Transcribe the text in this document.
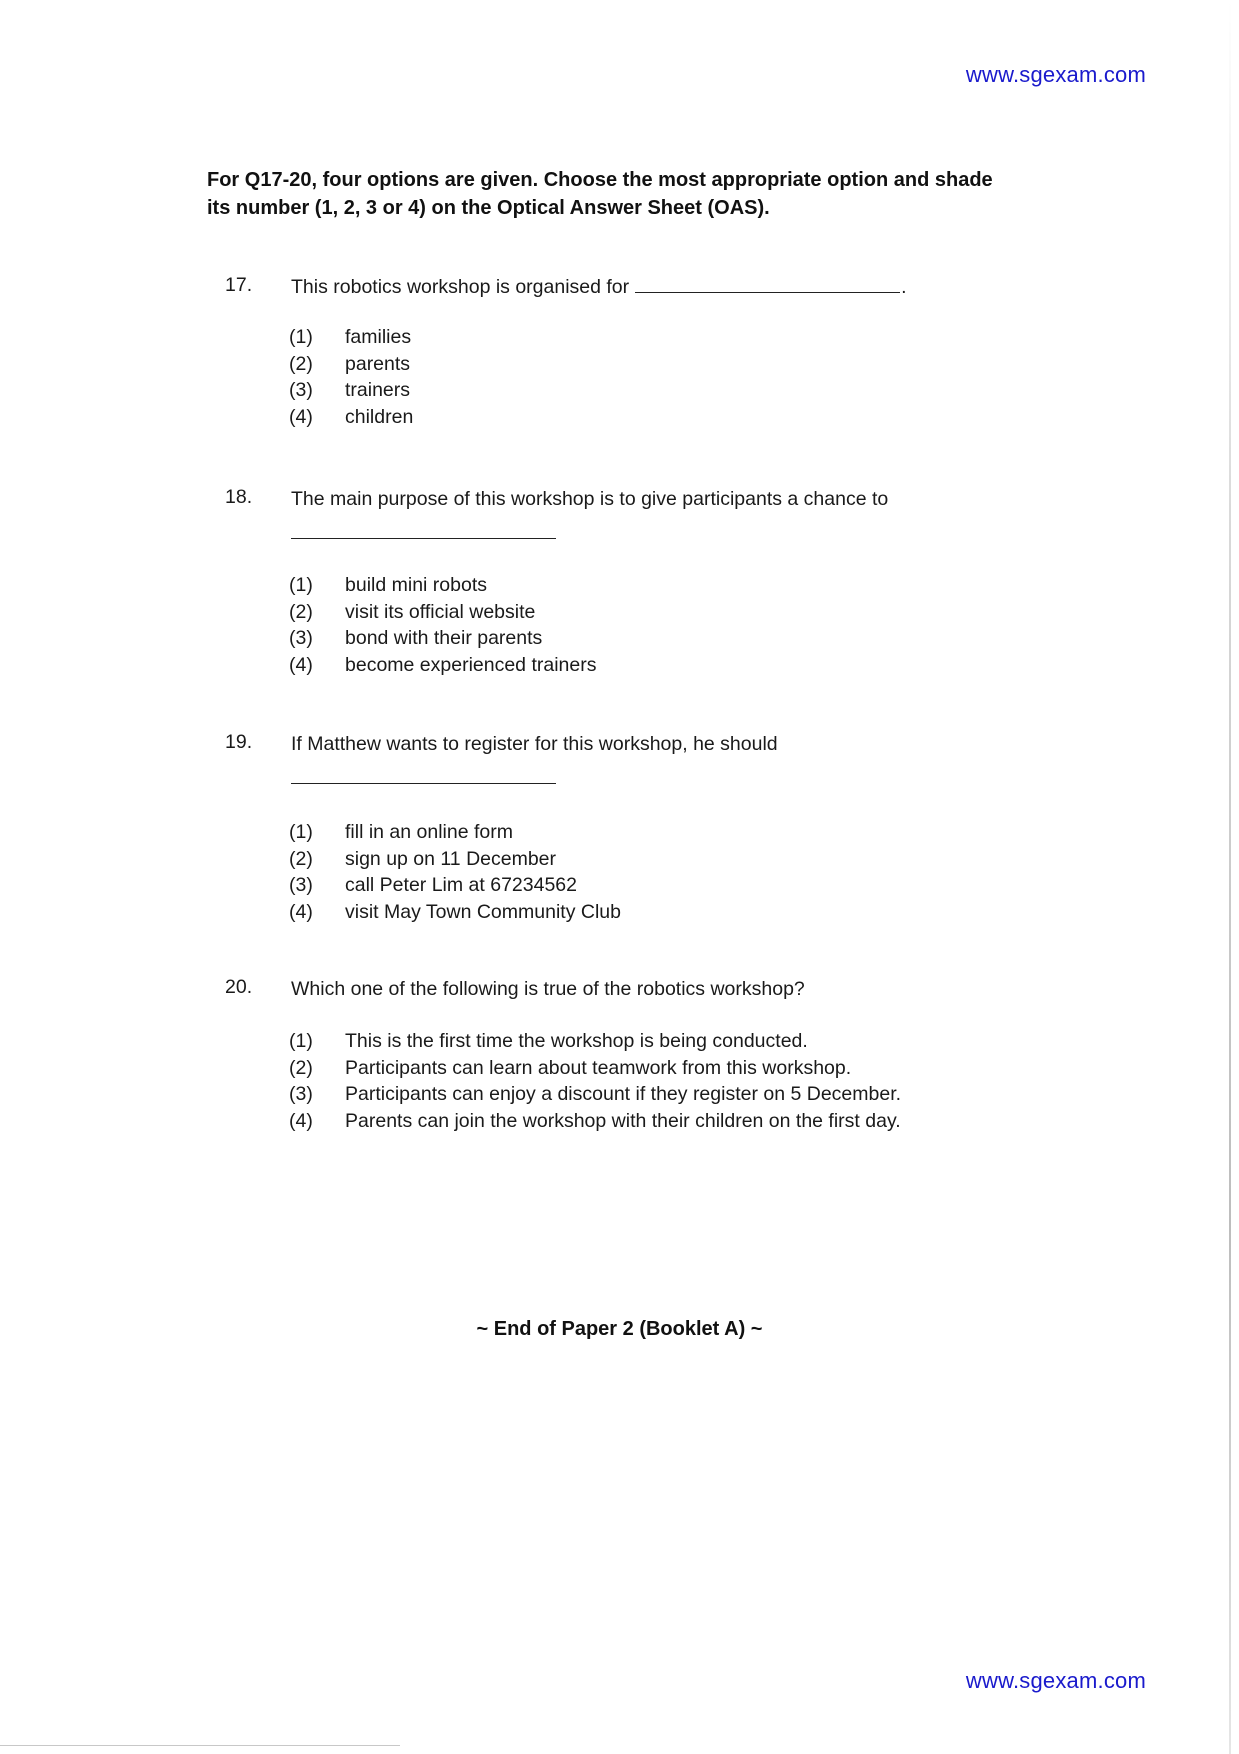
www.sgexam.com
For Q17-20, four options are given. Choose the most appropriate option and shade its number (1, 2, 3 or 4) on the Optical Answer Sheet (OAS).
17. This robotics workshop is organised for	.
(1)	families
(2)	parents
(3)	trainers
(4)	children
18. The main purpose of this workshop is to give participants a chance to
(1)	build mini robots
(2)	visit its official website
(3)	bond with their parents
(4)	become experienced trainers
19. If Matthew wants to register for this workshop, he should
(1)	fill in an online form
(2)	sign up on 11 December
(3)	call Peter Lim at 67234562
(4)	visit May Town Community Club
20. Which one of the following is true of the robotics workshop?
(1)	This is the first time the workshop is being conducted.
(2)	Participants can learn about teamwork from this workshop.
(3)	Participants can enjoy a discount if they register on 5 December.
(4)	Parents can join the workshop with their children on the first day.
~ End of Paper 2 (Booklet A) ~
www.sgexam.com
